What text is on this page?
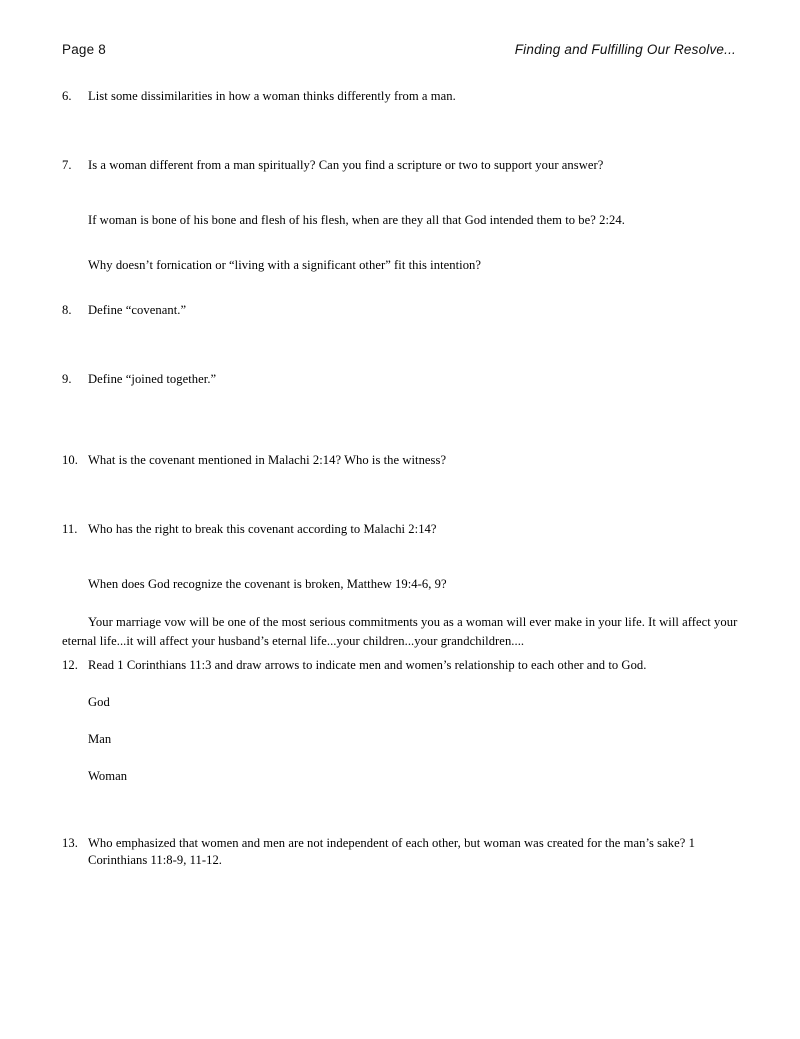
Page 8	Finding and Fulfilling Our Resolve...
6.	List some dissimilarities in how a woman thinks differently from a man.
7.	Is a woman different from a man spiritually? Can you find a scripture or two to support your answer?
If woman is bone of his bone and flesh of his flesh, when are they all that God intended them to be? 2:24.
Why doesn’t fornication or “living with a significant other” fit this intention?
8.	Define “covenant.”
9.	Define “joined together.”
10. What is the covenant mentioned in Malachi 2:14? Who is the witness?
11. Who has the right to break this covenant according to Malachi 2:14?
When does God recognize the covenant is broken, Matthew 19:4-6, 9?
Your marriage vow will be one of the most serious commitments you as a woman will ever make in your life. It will affect your eternal life...it will affect your husband’s eternal life...your children...your grandchildren....
12. Read 1 Corinthians 11:3 and draw arrows to indicate men and women’s relationship to each other and to God.
God
Man
Woman
13. Who emphasized that women and men are not independent of each other, but woman was created for the man’s sake? 1 Corinthians 11:8-9, 11-12.
